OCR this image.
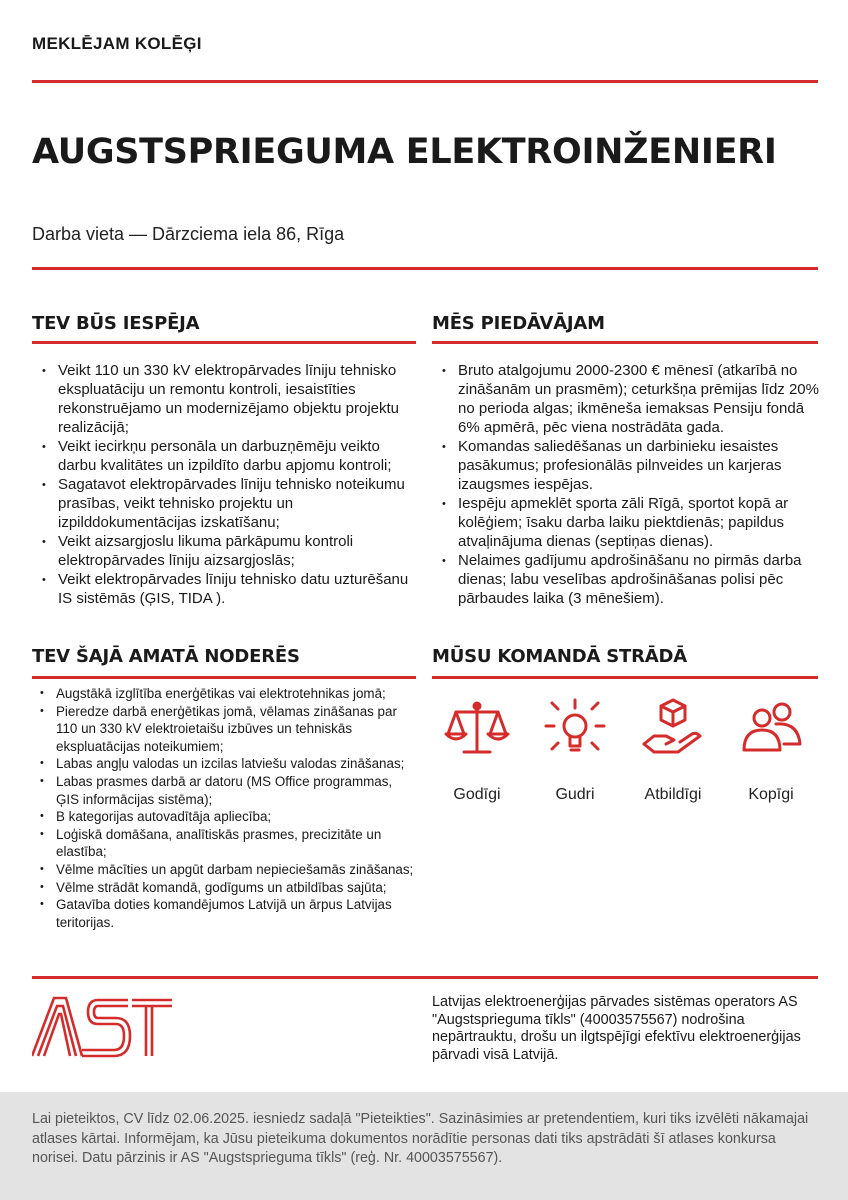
MEKLĒJAM KOLĒĢI
AUGSTSPRIEGUMA ELEKTROINŽENIERI
Darba vieta — Dārzciema iela 86, Rīga
TEV BŪS IESPĒJA
• Veikt 110 un 330 kV elektropārvades līniju tehnisko ekspluatāciju un remontu kontroli, iesaistīties rekonstruējamo un modernizējamo objektu projektu realizācijā;
• Veikt iecirkņu personāla un darbuzņēmēju veikto darbu kvalitātes un izpildīto darbu apjomu kontroli;
• Sagatavot elektropārvades līniju tehnisko noteikumu prasības, veikt tehnisko projektu un izpilddokumentācijas izskatīšanu;
• Veikt aizsargjoslu likuma pārkāpumu kontroli elektropārvades līniju aizsargjoslās;
• Veikt elektropārvades līniju tehnisko datu uzturēšanu IS sistēmās (ĢIS, TIDA ).
MĒS PIEDĀVĀJAM
• Bruto atalgojumu 2000-2300 € mēnesī (atkarībā no zināšanām un prasmēm); ceturkšņa prēmijas līdz 20% no perioda algas; ikmēneša iemaksas Pensiju fondā 6% apmērā, pēc viena nostrādāta gada.
• Komandas saliedēšanas un darbinieku iesaistes pasākumus; profesionālās pilnveides un karjeras izaugsmes iespējas.
• Iespēju apmeklēt sporta zāli Rīgā, sportot kopā ar kolēģiem; īsaku darba laiku piektdienās; papildus atvaļinājuma dienas (septiņas dienas).
• Nelaimes gadījumu apdrošināšanu no pirmās darba dienas; labu veselības apdrošināšanas polisi pēc pārbaudes laika (3 mēnešiem).
TEV ŠAJĀ AMATĀ NODERĒS
• Augstākā izglītība enerģētikas vai elektrotehnikas jomā;
• Pieredze darbā enerģētikas jomā, vēlamas zināšanas par 110 un 330 kV elektroietaišu izbūves un tehniskās ekspluatācijas noteikumiem;
• Labas angļu valodas un izcilas latviešu valodas zināšanas;
• Labas prasmes darbā ar datoru (MS Office programmas, ĢIS informācijas sistēma);
• B kategorijas autovadītāja apliecība;
• Loģiskā domāšana, analītiskās prasmes, precizitāte un elastība;
• Vēlme mācīties un apgūt darbam nepieciešamās zināšanas;
• Vēlme strādāt komandā, godīgums un atbildības sajūta;
• Gatavība doties komandējumos Latvijā un ārpus Latvijas teritorijas.
MŪSU KOMANDĀ STRĀDĀ
Godīgi	Gudri	Atbildīgi	Kopīgi
Latvijas elektroenerģijas pārvades sistēmas operators AS "Augstsprieguma tīkls" (40003575567) nodrošina nepārtrauktu, drošu un ilgtspējīgi efektīvu elektroenerģijas pārvadi visā Latvijā.

Lai pieteiktos, CV līdz 02.06.2025. iesniedz sadaļā "Pieteikties". Sazināsimies ar pretendentiem, kuri tiks izvēlēti nākamajai atlases kārtai. Informējam, ka Jūsu pieteikuma dokumentos norādītie personas dati tiks apstrādāti šī atlases konkursa norisei. Datu pārzinis ir AS "Augstsprieguma tīkls" (reģ. Nr. 40003575567).
